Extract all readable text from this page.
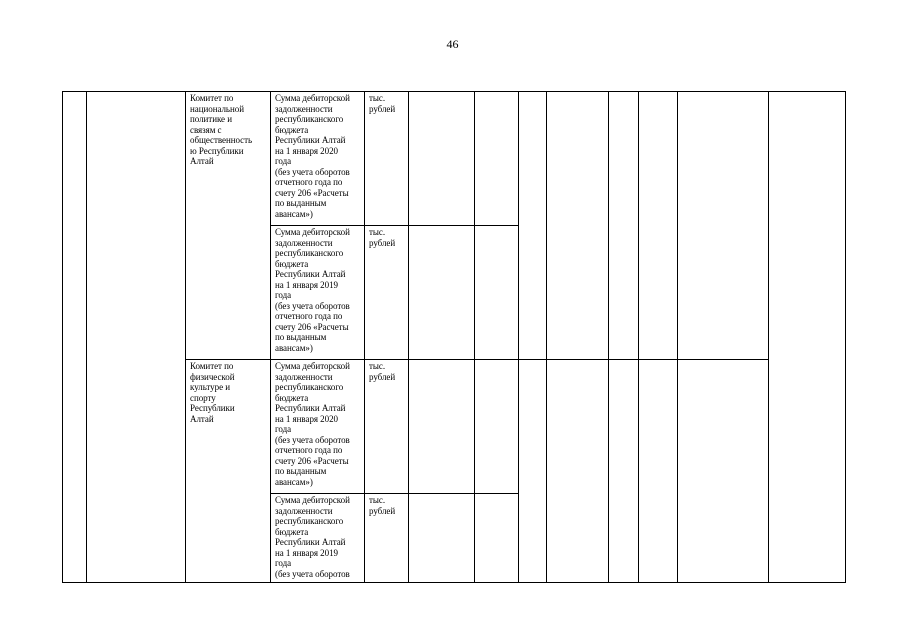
46
Комитет по
национальной
политике и
связям с
общественность
ю Республики
Алтай
Сумма дебиторской
задолженности
республиканского
бюджета
Республики Алтай
на 1 января 2020
года
(без учета оборотов
отчетного года по
счету 206 «Расчеты
по выданным
авансам»)
тыс.
рублей
Сумма дебиторской
задолженности
республиканского
бюджета
Республики Алтай
на 1 января 2019
года
(без учета оборотов
отчетного года по
счету 206 «Расчеты
по выданным
авансам»)
тыс.
рублей
Комитет по
физической
культуре и
спорту
Республики
Алтай
Сумма дебиторской
задолженности
республиканского
бюджета
Республики Алтай
на 1 января 2020
года
(без учета оборотов
отчетного года по
счету 206 «Расчеты
по выданным
авансам»)
тыс.
рублей
Сумма дебиторской
задолженности
республиканского
бюджета
Республики Алтай
на 1 января 2019
года
(без учета оборотов
тыс.
рублей
